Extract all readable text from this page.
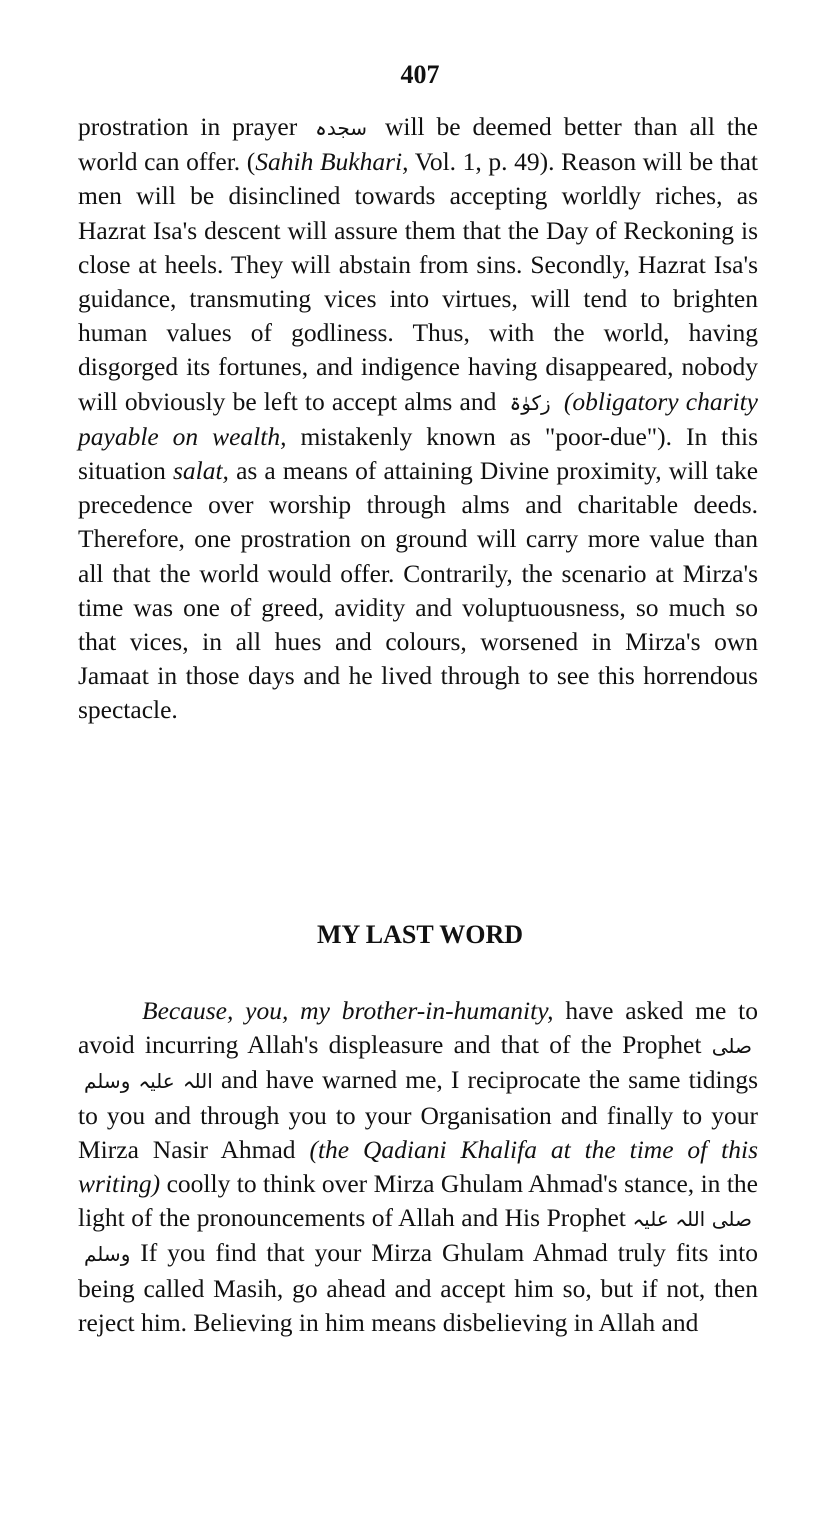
407

prostration in prayer سجدہ will be deemed better than all the world can offer. (Sahih Bukhari, Vol. 1, p. 49). Reason will be that men will be disinclined towards accepting worldly riches, as Hazrat Isa's descent will assure them that the Day of Reckoning is close at heels. They will abstain from sins. Secondly, Hazrat Isa's guidance, transmuting vices into virtues, will tend to brighten human values of godliness. Thus, with the world, having disgorged its fortunes, and indigence having disappeared, nobody will obviously be left to accept alms and زکوٰۃ (obligatory charity payable on wealth, mistakenly known as "poor-due"). In this situation salat, as a means of attaining Divine proximity, will take precedence over worship through alms and charitable deeds. Therefore, one prostration on ground will carry more value than all that the world would offer. Contrarily, the scenario at Mirza's time was one of greed, avidity and voluptuousness, so much so that vices, in all hues and colours, worsened in Mirza's own Jamaat in those days and he lived through to see this horrendous spectacle.

MY LAST WORD

Because, you, my brother-in-humanity, have asked me to avoid incurring Allah's displeasure and that of the Prophet صلی اللہ علیہ وسلم and have warned me, I reciprocate the same tidings to you and through you to your Organisation and finally to your Mirza Nasir Ahmad (the Qadiani Khalifa at the time of this writing) coolly to think over Mirza Ghulam Ahmad's stance, in the light of the pronouncements of Allah and His Prophet صلی اللہ علیہ وسلم If you find that your Mirza Ghulam Ahmad truly fits into being called Masih, go ahead and accept him so, but if not, then reject him. Believing in him means disbelieving in Allah and
